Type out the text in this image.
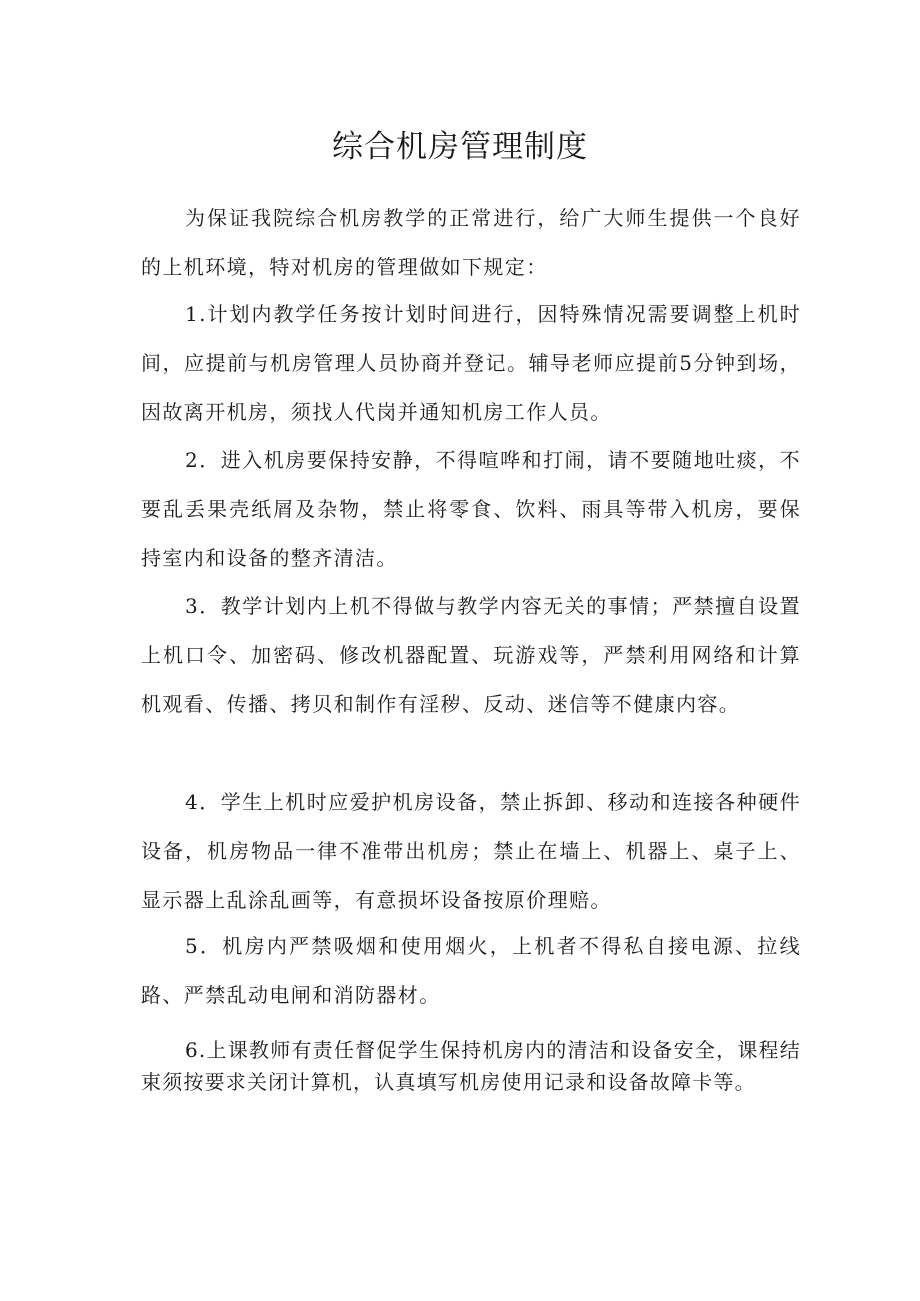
综合机房管理制度

为保证我院综合机房教学的正常进行，给广大师生提供一个良好的上机环境，特对机房的管理做如下规定：

1.计划内教学任务按计划时间进行，因特殊情况需要调整上机时间，应提前与机房管理人员协商并登记。辅导老师应提前5分钟到场，因故离开机房，须找人代岗并通知机房工作人员。

2．进入机房要保持安静，不得喧哗和打闹，请不要随地吐痰，不要乱丢果壳纸屑及杂物，禁止将零食、饮料、雨具等带入机房，要保持室内和设备的整齐清洁。

3．教学计划内上机不得做与教学内容无关的事情；严禁擅自设置上机口令、加密码、修改机器配置、玩游戏等，严禁利用网络和计算机观看、传播、拷贝和制作有淫秽、反动、迷信等不健康内容。

4．学生上机时应爱护机房设备，禁止拆卸、移动和连接各种硬件设备，机房物品一律不准带出机房；禁止在墙上、机器上、桌子上、显示器上乱涂乱画等，有意损坏设备按原价理赔。

5．机房内严禁吸烟和使用烟火，上机者不得私自接电源、拉线路、严禁乱动电闸和消防器材。

6.上课教师有责任督促学生保持机房内的清洁和设备安全，课程结束须按要求关闭计算机，认真填写机房使用记录和设备故障卡等。
